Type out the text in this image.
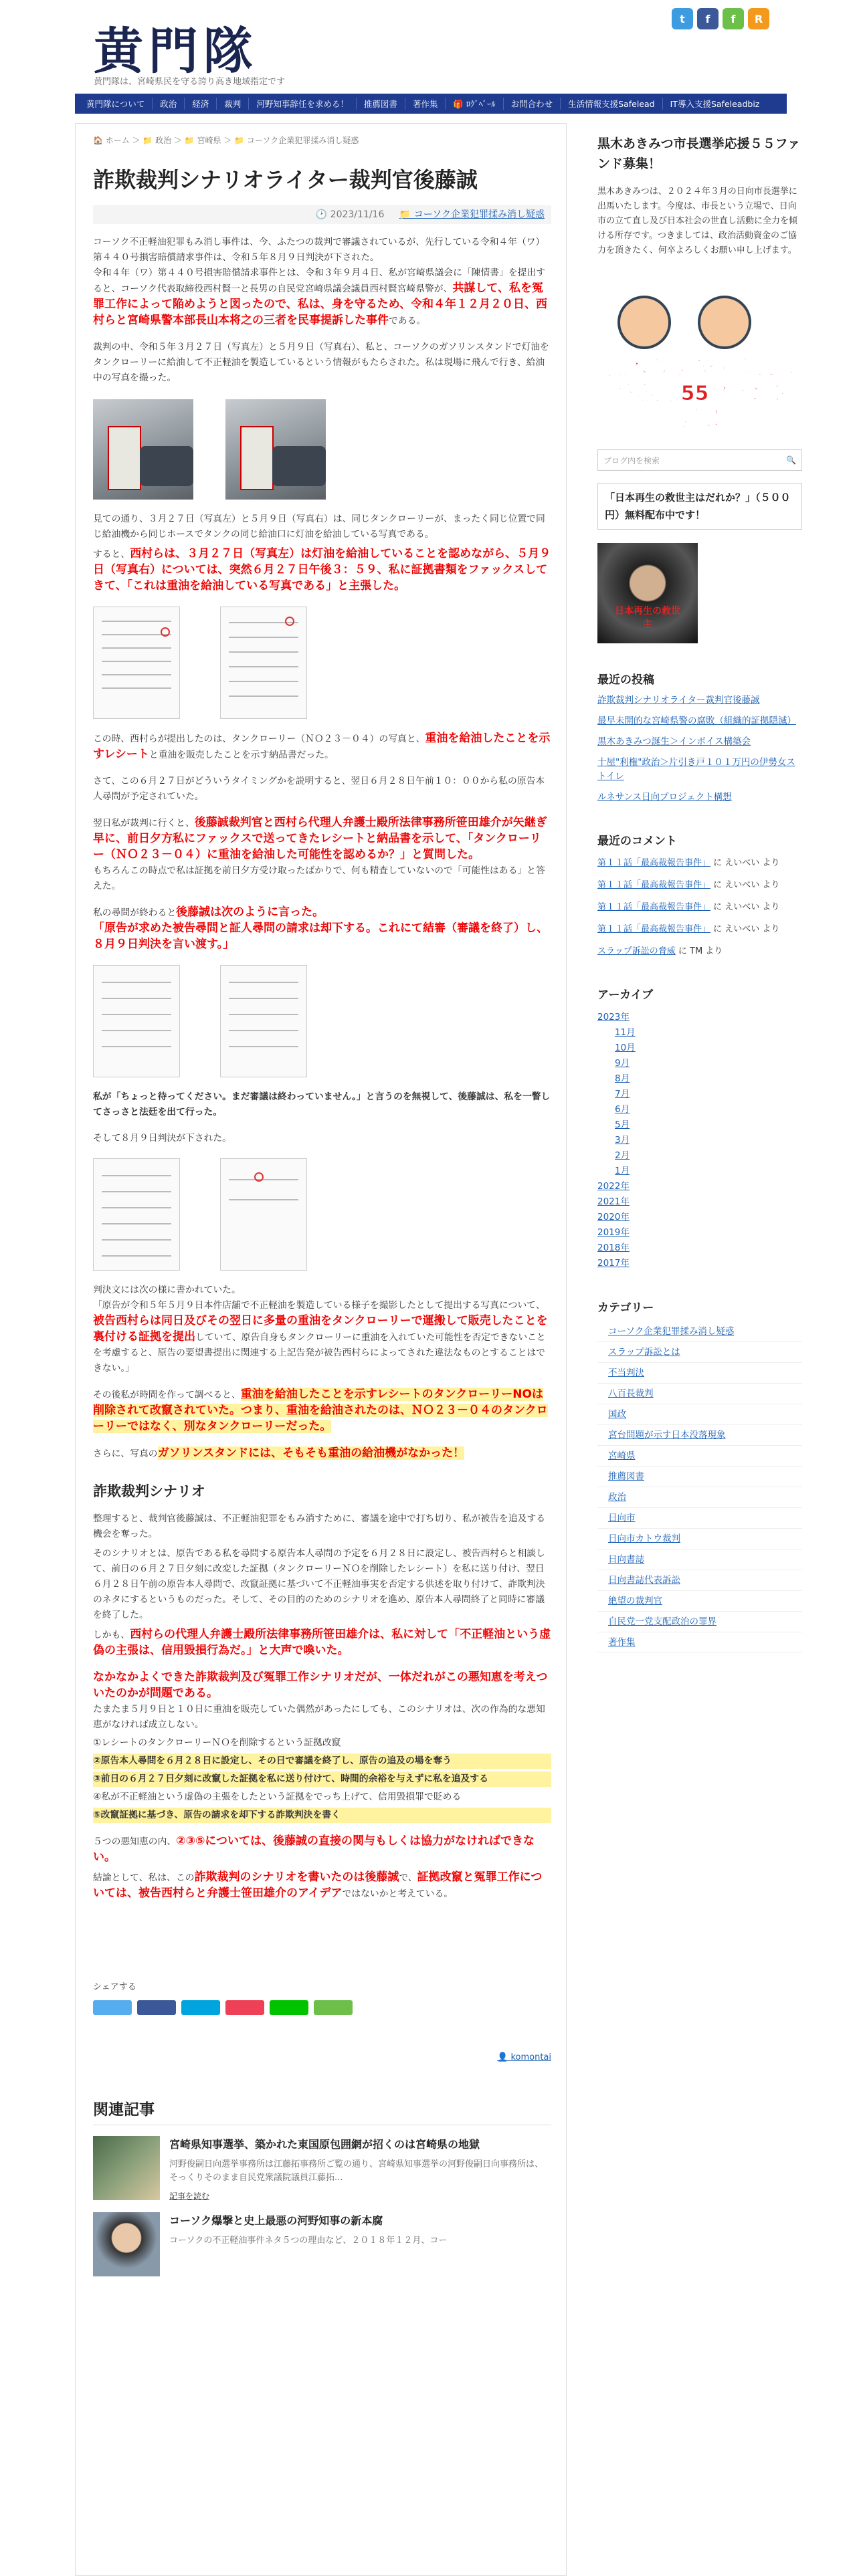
黄門隊
黄門隊は、宮崎県民を守る誇り高き地域指定です
t	f	f	R
黄門隊について	政治	経済	裁判	河野知事辞任を求める！	推薦図書	著作集	🎁 ﾛｸﾞﾍﾟｰﾙ	お問合わせ	生活情報支援Safelead	IT導入支援Safeleadbiz
🏠 ホーム ＞ 📁 政治 ＞ 📁 宮崎県 ＞ 📁 コーソク企業犯罪揉み消し疑惑
詐欺裁判シナリオライター裁判官後藤誠
🕑 2023/11/16 📁 コーソク企業犯罪揉み消し疑惑

コーソク不正軽油犯罪もみ消し事件は、今、ふたつの裁判で審議されているが、先行している令和４年（ワ）第４４０号損害賠償請求事件は、令和５年８月９日判決が下された。
令和４年（ワ）第４４０号損害賠償請求事件とは、令和３年９月４日、私が宮崎県議会に「陳情書」を提出すると、コーソク代表取締役西村賢一と長男の自民党宮崎県議会議員西村賢宮崎県警が、共謀して、私を冤罪工作によって陥めようと図ったので、私は、身を守るため、令和４年１２月２０日、西村らと宮崎県警本部長山本将之の三者を民事提訴した事件である。

裁判の中、令和５年３月２７日（写真左）と５月９日（写真右）、私と、コーソクのガソリンスタンドで灯油をタンクローリーに給油して不正軽油を製造しているという情報がもたらされた。私は現場に飛んで行き、給油中の写真を撮った。

見ての通り、３月２７日（写真左）と５月９日（写真右）は、同じタンクローリーが、まったく同じ位置で同じ給油機から同じホースでタンクの同じ給油口に灯油を給油している写真である。

すると、西村らは、３月２７日（写真左）は灯油を給油していることを認めながら、５月９日（写真右）については、突然６月２７日午後３：５９、私に証拠書類をファックスしてきて、「これは重油を給油している写真である」と主張した。

この時、西村らが提出したのは、タンクローリー（ＮＯ２３－０４）の写真と、重油を給油したことを示すレシートと重油を販売したことを示す納品書だった。

さて、この６月２７日がどういうタイミングかを説明すると、翌日６月２８日午前１０：００から私の原告本人尋問が予定されていた。

翌日私が裁判に行くと、後藤誠裁判官と西村ら代理人弁護士殿所法律事務所笹田雄介が矢継ぎ早に、前日夕方私にファックスで送ってきたレシートと納品書を示して、「タンクローリー（ＮＯ２３－０４）に重油を給油した可能性を認めるか？」と質問した。
もちろんこの時点で私は証拠を前日夕方受け取ったばかりで、何も精査していないので「可能性はある」と答えた。

私の尋問が終わると後藤誠は次のように言った。
「原告が求めた被告尋問と証人尋問の請求は却下する。これにて結審（審議を終了）し、８月９日判決を言い渡す。」

私が「ちょっと待ってください。まだ審議は終わっていません。」と言うのを無視して、後藤誠は、私を一瞥してさっさと法廷を出て行った。

そして８月９日判決が下された。

判決文には次の様に書かれていた。
「原告が令和５年５月９日本件店舗で不正軽油を製造している様子を撮影したとして提出する写真について、被告西村らは同日及びその翌日に多量の重油をタンクローリーで運搬して販売したことを裏付ける証拠を提出していて、原告自身もタンクローリーに重油を入れていた可能性を否定できないことを考慮すると、原告の要望書提出に関連する上記告発が被告西村らによってされた違法なものとすることはできない。」

その後私が時間を作って調べると、重油を給油したことを示すレシートのタンクローリーNOは削除されて改竄されていた。つまり、重油を給油されたのは、ＮＯ２３－０４のタンクローリーではなく、別なタンクローリーだった。

さらに、写真のガソリンスタンドには、そもそも重油の給油機がなかった！

詐欺裁判シナリオ

整理すると、裁判官後藤誠は、不正軽油犯罪をもみ消すために、審議を途中で打ち切り、私が被告を追及する機会を奪った。

そのシナリオとは、原告である私を尋問する原告本人尋問の予定を６月２８日に設定し、被告西村らと相談して、前日の６月２７日夕刻に改変した証拠（タンクローリーＮＯを削除したレシート）を私に送り付け、翌日６月２８日午前の原告本人尋問で、改竄証拠に基づいて不正軽油事実を否定する供述を取り付けて、詐欺判決のネタにするというものだった。そして、その目的のためのシナリオを進め、原告本人尋問終了と同時に審議を終了した。

しかも、西村らの代理人弁護士殿所法律事務所笹田雄介は、私に対して「不正軽油という虚偽の主張は、信用毀損行為だ。」と大声で喚いた。

なかなかよくできた詐欺裁判及び冤罪工作シナリオだが、一体だれがこの悪知恵を考えついたのかが問題である。
たまたま５月９日と１０日に重油を販売していた偶然があったにしても、このシナリオは、次の作為的な悪知恵がなければ成立しない。

①レシートのタンクローリーＮＯを削除するという証拠改竄

②原告本人尋問を６月２８日に設定し、その日で審議を終了し、原告の追及の場を奪う

③前日の６月２７日夕刻に改竄した証拠を私に送り付けて、時間的余裕を与えずに私を追及する

④私が不正軽油という虚偽の主張をしたという証拠をでっち上げて、信用毀損罪で貶める

⑤改竄証拠に基づき、原告の請求を却下する詐欺判決を書く

５つの悪知恵の内、②③⑤については、後藤誠の直接の関与もしくは協力がなければできない。

結論として、私は、この詐欺裁判のシナリオを書いたのは後藤誠で、証拠改竄と冤罪工作については、被告西村らと弁護士笹田雄介のアイデアではないかと考えている。

シェアする
👤 komontai
関連記事
宮崎県知事選挙、築かれた東国原包囲網が招くのは宮崎県の地獄
河野俊嗣日向選挙事務所は江藤拓事務所ご覧の通り、宮崎県知事選挙の河野俊嗣日向事務所は、そっくりそのまま自民党衆議院議員江藤拓...
記事を読む
コーソク爆撃と史上最悪の河野知事の新本腐
コーソクの不正軽油事件ネタ５つの理由など、２０１８年１２月、コー
黒木あきみつ市長選挙応援５５ファンド募集！
黒木あきみつは、２０２４年３月の日向市長選挙に出馬いたします。今度は、市長という立場で、日向市の立て直し及び日本社会の世直し活動に全力を傾ける所存です。つきましては、政治活動資金のご協力を頂きたく、何卒よろしくお願い申し上げます。
黒木あきみつ 市長選挙応援 55ファンド募集！
ブログ内を検索	🔍
「日本再生の救世主はだれか？」（５００円）無料配布中です！
日本再生の救世主
最近の投稿
詐欺裁判シナリオライター裁判官後藤誠
最早未開的な宮崎県警の腐敗（組織的証拠隠滅）
黒木あきみつ誕生＞インボイス構築会
十屋"利権"政治＞片引き戸１０１万円の伊勢女ストイレ
ルネサンス日向プロジェクト構想
最近のコメント
第１１話「最高裁報告事件」 に えいべい より
第１１話「最高裁報告事件」 に えいべい より
第１１話「最高裁報告事件」 に えいべい より
第１１話「最高裁報告事件」 に えいべい より
スラップ訴訟の脅威 に TM より
アーカイブ
2023年
11月
10月
9月
8月
7月
6月
5月
3月
2月
1月
2022年
2021年
2020年
2019年
2018年
2017年
カテゴリー
コーソク企業犯罪揉み消し疑惑
スラップ訴訟とは
不当判決
八百長裁判
国政
宮台問題が示す日本没落現象
宮崎県
推薦図書
政治
日向市
日向市カトウ裁判
日向書誌
日向書誌代表訴訟
絶望の裁判官
自民党一党支配政治の罪界
著作集
